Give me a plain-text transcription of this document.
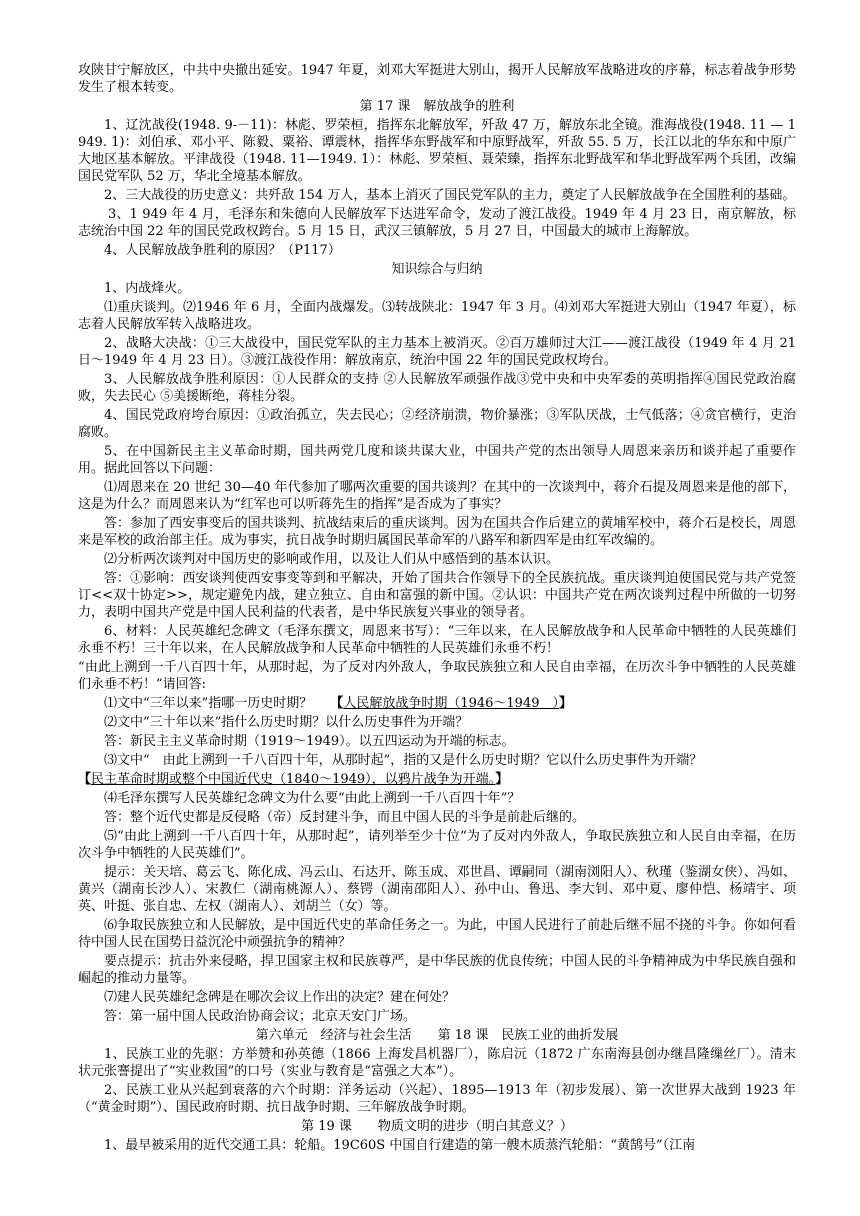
攻陕甘宁解放区，中共中央撤出延安。1947 年夏，刘邓大军挺进大别山，揭开人民解放军战略进攻的序幕，标志着战争形势发生了根本转变。

第 17 课　解放战争的胜利

1、辽沈战役(1948. 9-－11)：林彪、罗荣桓，指挥东北解放军，歼敌 47 万，解放东北全镜。淮海战役(1948. 11 — 1949. 1)：刘伯承、邓小平、陈毅、粟裕、谭震林，指挥华东野战军和中原野战军，歼敌 55. 5 万，长江以北的华东和中原广大地区基本解放。平津战役（1948. 11—1949. 1）：林彪、罗荣桓、聂荣臻，指挥东北野战军和华北野战军两个兵团，改编国民党军队 52 万，华北全境基本解放。

2、三大战役的历史意义：共歼敌 154 万人，基本上消灭了国民党军队的主力，奠定了人民解放战争在全国胜利的基础。

3、1 949 年 4 月，毛泽东和朱德向人民解放军下达进军命令，发动了渡江战役。1949 年 4 月 23 日，南京解放，标志统治中国 22 年的国民党政权跨台。5 月 15 日，武汉三镇解放，5 月 27 日，中国最大的城市上海解放。

4、人民解放战争胜利的原因？（P117）

知识综合与归纳

1、内战烽火。

⑴重庆谈判。⑵1946 年 6 月，全面内战爆发。⑶转战陕北：1947 年 3 月。⑷刘邓大军挺进大别山（1947 年夏），标志着人民解放军转入战略进攻。

2、战略大决战：①三大战役中，国民党军队的主力基本上被消灭。②百万雄师过大江——渡江战役（1949 年 4 月 21 日～1949 年 4 月 23 日）。③渡江战役作用：解放南京，统治中国 22 年的国民党政权垮台。

3、人民解放战争胜利原因：①人民群众的支持 ②人民解放军顽强作战③党中央和中央军委的英明指挥④国民党政治腐败，失去民心 ⑤美援断绝，蒋桂分裂。

4、国民党政府垮台原因：①政治孤立，失去民心；②经济崩溃，物价暴涨；③军队厌战，士气低落；④贪官横行，吏治腐败。

5、在中国新民主主义革命时期，国共两党几度和谈共谋大业，中国共产党的杰出领导人周恩来亲历和谈并起了重要作用。据此回答以下问题：

⑴周恩来在 20 世纪 30—40 年代参加了哪两次重要的国共谈判？在其中的一次谈判中，蒋介石提及周恩来是他的部下，这是为什么？而周恩来认为“红军也可以听蒋先生的指挥”是否成为了事实？

答：参加了西安事变后的国共谈判、抗战结束后的重庆谈判。因为在国共合作后建立的黄埔军校中，蒋介石是校长，周恩来是军校的政治部主任。成为事实，抗日战争时期归属国民革命军的八路军和新四军是由红军改编的。

⑵分析两次谈判对中国历史的影响或作用，以及让人们从中感悟到的基本认识。

答：①影响：西安谈判使西安事变等到和平解决，开始了国共合作领导下的全民族抗战。重庆谈判迫使国民党与共产党签订<<双十协定>>，规定避免内战，建立独立、自由和富强的新中国。②认识：中国共产党在两次谈判过程中所做的一切努力，表明中国共产党是中国人民利益的代表者，是中华民族复兴事业的领导者。

6、材料：人民英雄纪念碑文（毛泽东撰文，周恩来书写）：“三年以来，在人民解放战争和人民革命中牺牲的人民英雄们永垂不朽！三十年以来，在人民解放战争和人民革命中牺牲的人民英雄们永垂不朽！

“由此上溯到一千八百四十年，从那时起，为了反对内外敌人，争取民族独立和人民自由幸福，在历次斗争中牺牲的人民英雄们永垂不朽！”请回答:

⑴文中“三年以来”指哪一历史时期？ 【人民解放战争时期（1946～1949　）】

⑵文中“三十年以来”指什么历史时期？以什么历史事件为开端？

答：新民主主义革命时期（1919～1949）。以五四运动为开端的标志。

⑶文中“　由此上溯到一千八百四十年，从那时起”，指的又是什么历史时期？它以什么历史事件为开端？

【民主革命时期或整个中国近代史（1840～1949），以鸦片战争为开端。】

⑷毛泽东撰写人民英雄纪念碑文为什么要“由此上溯到一千八百四十年”？

答：整个近代史都是反侵略（帝）反封建斗争，而且中国人民的斗争是前赴后继的。

⑸“由此上溯到一千八百四十年，从那时起”，请列举至少十位“为了反对内外敌人，争取民族独立和人民自由幸福，在历次斗争中牺牲的人民英雄们”。

提示：关天培、葛云飞、陈化成、冯云山、石达开、陈玉成、邓世昌、谭嗣同（湖南浏阳人）、秋瑾（鉴湖女侠）、冯如、黄兴（湖南长沙人）、宋教仁（湖南桃源人）、蔡锷（湖南邵阳人）、孙中山、鲁迅、李大钊、邓中夏、廖仲恺、杨靖宇、项英、叶挺、张自忠、左权（湖南人）、刘胡兰（女）等。

⑹争取民族独立和人民解放，是中国近代史的革命任务之一。为此，中国人民进行了前赴后继不屈不挠的斗争。你如何看待中国人民在国势日益沉沦中顽强抗争的精神？

要点提示：抗击外来侵略，捍卫国家主权和民族尊严，是中华民族的优良传统；中国人民的斗争精神成为中华民族自强和崛起的推动力量等。

⑺建人民英雄纪念碑是在哪次会议上作出的决定？建在何处？

答：第一届中国人民政治协商会议；北京天安门广场。

第六单元　经济与社会生活　　第 18 课　民族工业的曲折发展

1、民族工业的先驱：方举赞和孙英德（1866 上海发昌机器厂），陈启沅（1872 广东南海县创办继昌隆缫丝厂）。清末状元张謇提出了“实业救国”的口号（实业与教育是“富强之大本”）。

2、民族工业从兴起到衰落的六个时期：洋务运动（兴起）、1895—1913 年（初步发展）、第一次世界大战到 1923 年（“黄金时期”）、国民政府时期、抗日战争时期、三年解放战争时期。

第 19 课　　物质文明的进步（明白其意义？）

1、最早被采用的近代交通工具：轮船。19C60S 中国自行建造的第一艘木质蒸汽轮船：“黄鹄号”（江南
